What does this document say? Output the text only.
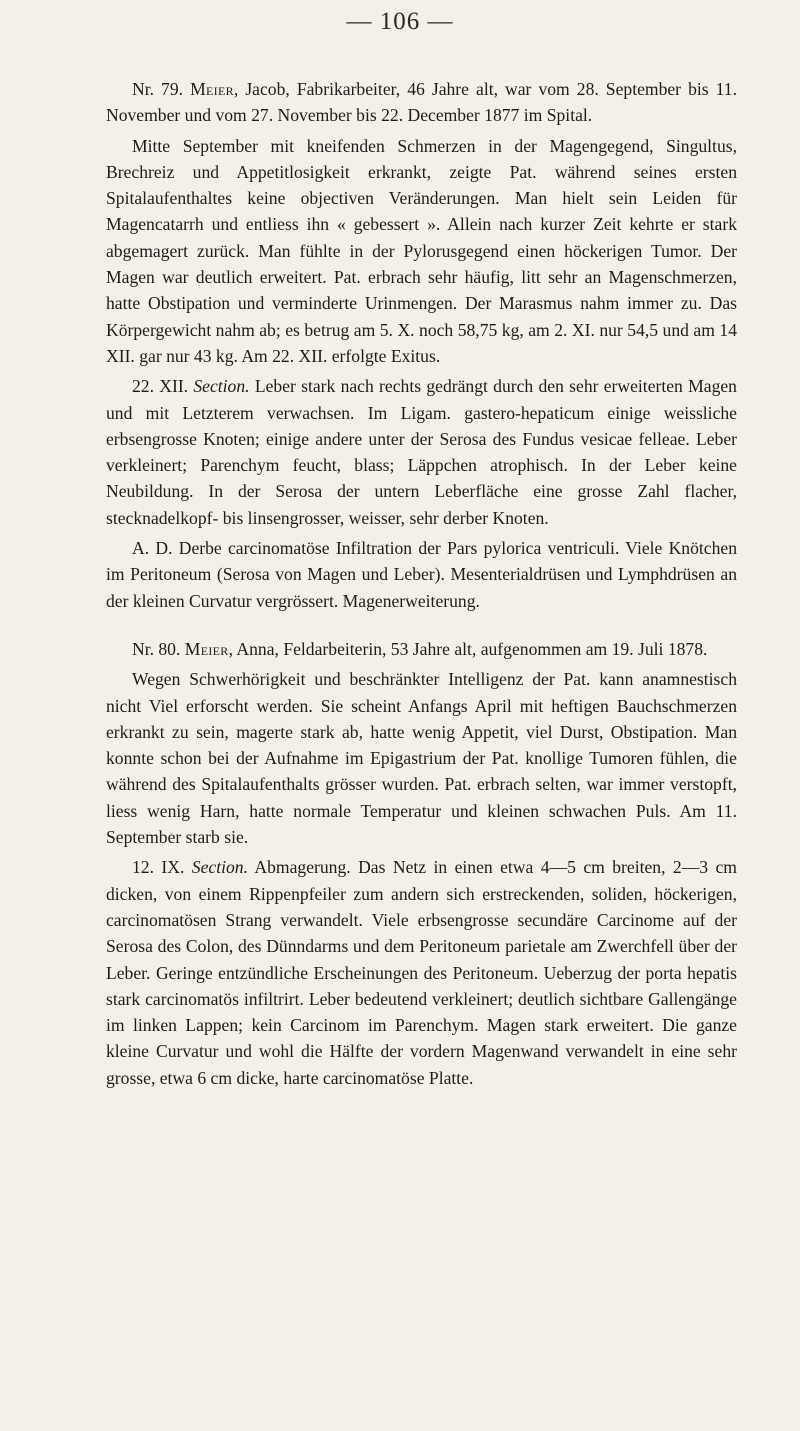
— 106 —

Nr. 79. Meier, Jacob, Fabrikarbeiter, 46 Jahre alt, war vom 28. September bis 11. November und vom 27. November bis 22. December 1877 im Spital.

Mitte September mit kneifenden Schmerzen in der Magengegend, Singultus, Brechreiz und Appetitlosigkeit erkrankt, zeigte Pat. während seines ersten Spitalaufenthaltes keine objectiven Veränderungen. Man hielt sein Leiden für Magencatarrh und entliess ihn « gebessert ». Allein nach kurzer Zeit kehrte er stark abgemagert zurück. Man fühlte in der Pylorusgegend einen höckerigen Tumor. Der Magen war deutlich erweitert. Pat. erbrach sehr häufig, litt sehr an Magenschmerzen, hatte Obstipation und verminderte Urinmengen. Der Marasmus nahm immer zu. Das Körpergewicht nahm ab; es betrug am 5. X. noch 58,75 kg, am 2. XI. nur 54,5 und am 14 XII. gar nur 43 kg. Am 22. XII. erfolgte Exitus.

22. XII. Section. Leber stark nach rechts gedrängt durch den sehr erweiterten Magen und mit Letzterem verwachsen. Im Ligam. gastero-hepaticum einige weissliche erbsengrosse Knoten; einige andere unter der Serosa des Fundus vesicae felleae. Leber verkleinert; Parenchym feucht, blass; Läppchen atrophisch. In der Leber keine Neubildung. In der Serosa der untern Leberfläche eine grosse Zahl flacher, stecknadelkopf- bis linsengrosser, weisser, sehr derber Knoten.

A. D. Derbe carcinomatöse Infiltration der Pars pylorica ventriculi. Viele Knötchen im Peritoneum (Serosa von Magen und Leber). Mesenterialdrüsen und Lymphdrüsen an der kleinen Curvatur vergrössert. Magenerweiterung.

Nr. 80. Meier, Anna, Feldarbeiterin, 53 Jahre alt, aufgenommen am 19. Juli 1878.

Wegen Schwerhörigkeit und beschränkter Intelligenz der Pat. kann anamnestisch nicht Viel erforscht werden. Sie scheint Anfangs April mit heftigen Bauchschmerzen erkrankt zu sein, magerte stark ab, hatte wenig Appetit, viel Durst, Obstipation. Man konnte schon bei der Aufnahme im Epigastrium der Pat. knollige Tumoren fühlen, die während des Spitalaufenthalts grösser wurden. Pat. erbrach selten, war immer verstopft, liess wenig Harn, hatte normale Temperatur und kleinen schwachen Puls. Am 11. September starb sie.

12. IX. Section. Abmagerung. Das Netz in einen etwa 4—5 cm breiten, 2—3 cm dicken, von einem Rippenpfeiler zum andern sich erstreckenden, soliden, höckerigen, carcinomatösen Strang verwandelt. Viele erbsengrosse secundäre Carcinome auf der Serosa des Colon, des Dünndarms und dem Peritoneum parietale am Zwerchfell über der Leber. Geringe entzündliche Erscheinungen des Peritoneum. Ueberzug der porta hepatis stark carcinomatös infiltrirt. Leber bedeutend verkleinert; deutlich sichtbare Gallengänge im linken Lappen; kein Carcinom im Parenchym. Magen stark erweitert. Die ganze kleine Curvatur und wohl die Hälfte der vordern Magenwand verwandelt in eine sehr grosse, etwa 6 cm dicke, harte carcinomatöse Platte.
